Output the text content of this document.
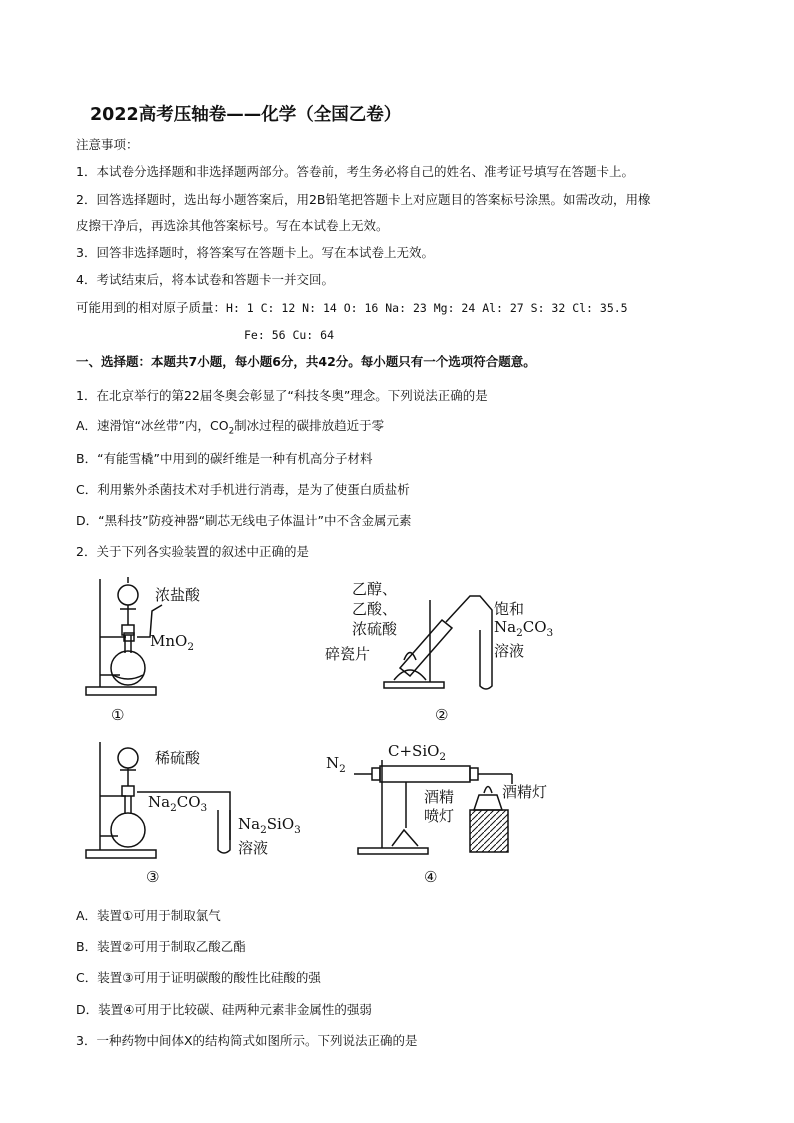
2022高考压轴卷——化学（全国乙卷）
注意事项：
1．本试卷分选择题和非选择题两部分。答卷前，考生务必将自己的姓名、准考证号填写在答题卡上。
2．回答选择题时，选出每小题答案后，用2B铅笔把答题卡上对应题目的答案标号涂黑。如需改动，用橡
皮擦干净后，再选涂其他答案标号。写在本试卷上无效。
3．回答非选择题时，将答案写在答题卡上。写在本试卷上无效。
4．考试结束后，将本试卷和答题卡一并交回。
可能用到的相对原子质量：H: 1 C: 12 N: 14 O: 16 Na: 23 Mg: 24 Al: 27 S: 32 Cl: 35.5
Fe: 56 Cu: 64
一、选择题：本题共7小题，每小题6分，共42分。每小题只有一个选项符合题意。
1．在北京举行的第22届冬奥会彰显了“科技冬奥”理念。下列说法正确的是
A．速滑馆“冰丝带”内，$CO_2$制冰过程的碳排放趋近于零
B．“有能雪橇”中用到的碳纤维是一种有机高分子材料
C．利用紫外杀菌技术对手机进行消毒，是为了使蛋白质盐析
D．“黑科技”防疫神器“刷芯无线电子体温计”中不含金属元素
2．关于下列各实验装置的叙述中正确的是
浓盐酸
MnO$_2$
①
乙醇、
乙酸、
浓硫酸
碎瓷片
饱和
$Na_2CO_3$
溶液
②
稀硫酸
$Na_2CO_3$
$Na_2SiO_3$
溶液
③
$N_2$
C+SiO$_2$
酒精
喷灯
酒精灯
④
A．装置①可用于制取氯气
B．装置②可用于制取乙酸乙酯
C．装置③可用于证明碳酸的酸性比硅酸的强
D．装置④可用于比较碳、硅两种元素非金属性的强弱
3．一种药物中间体X的结构简式如图所示。下列说法正确的是
